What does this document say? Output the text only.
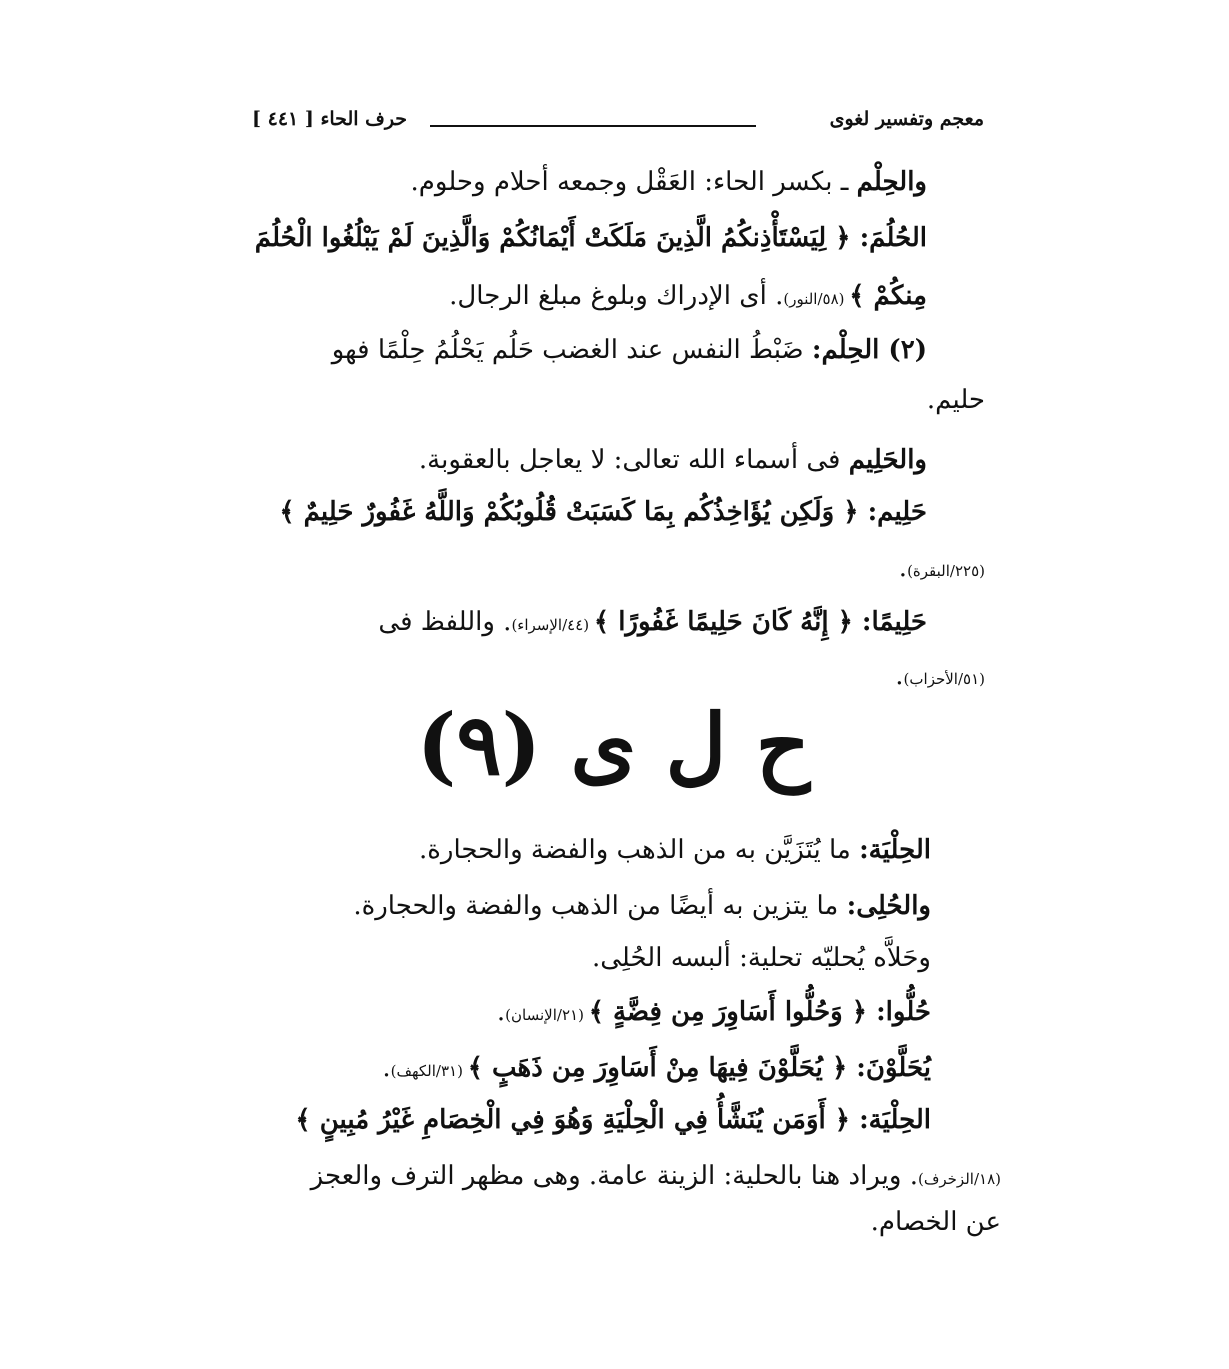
معجم وتفسير لغوى
حرف الحاء [ ٤٤١ ]
والحِلْم ـ بكسر الحاء: العَقْل وجمعه أحلام وحلوم.
الحُلُمَ: ﴿ لِيَسْتَأْذِنكُمُ الَّذِينَ مَلَكَتْ أَيْمَانُكُمْ وَالَّذِينَ لَمْ يَبْلُغُوا الْحُلُمَ
مِنكُمْ ﴾ (٥٨/النور). أى الإدراك وبلوغ مبلغ الرجال.
(٢) الحِلْم: ضَبْطُ النفس عند الغضب حَلُم يَحْلُمُ حِلْمًا فهو
حليم.
والحَلِيم فى أسماء الله تعالى: لا يعاجل بالعقوبة.
حَلِيم: ﴿ وَلَكِن يُؤَاخِذُكُم بِمَا كَسَبَتْ قُلُوبُكُمْ وَاللَّهُ غَفُورٌ حَلِيمٌ ﴾
(٢٢٥/البقرة).
حَلِيمًا: ﴿ إِنَّهُ كَانَ حَلِيمًا غَفُورًا ﴾ (٤٤/الإسراء). واللفظ فى
(٥١/الأحزاب).
ح ل ى (٩)
الحِلْيَة: ما يُتَزَيَّن به من الذهب والفضة والحجارة.
والحُلِى: ما يتزين به أيضًا من الذهب والفضة والحجارة.
وحَلاَّه يُحليّه تحلية: ألبسه الحُلِى.
حُلُّوا: ﴿ وَحُلُّوا أَسَاوِرَ مِن فِضَّةٍ ﴾ (٢١/الإنسان).
يُحَلَّوْنَ: ﴿ يُحَلَّوْنَ فِيهَا مِنْ أَسَاوِرَ مِن ذَهَبٍ ﴾ (٣١/الكهف).
الحِلْيَة: ﴿ أَوَمَن يُنَشَّأُ فِي الْحِلْيَةِ وَهُوَ فِي الْخِصَامِ غَيْرُ مُبِينٍ ﴾
(١٨/الزخرف). ويراد هنا بالحلية: الزينة عامة. وهى مظهر الترف والعجز
عن الخصام.
